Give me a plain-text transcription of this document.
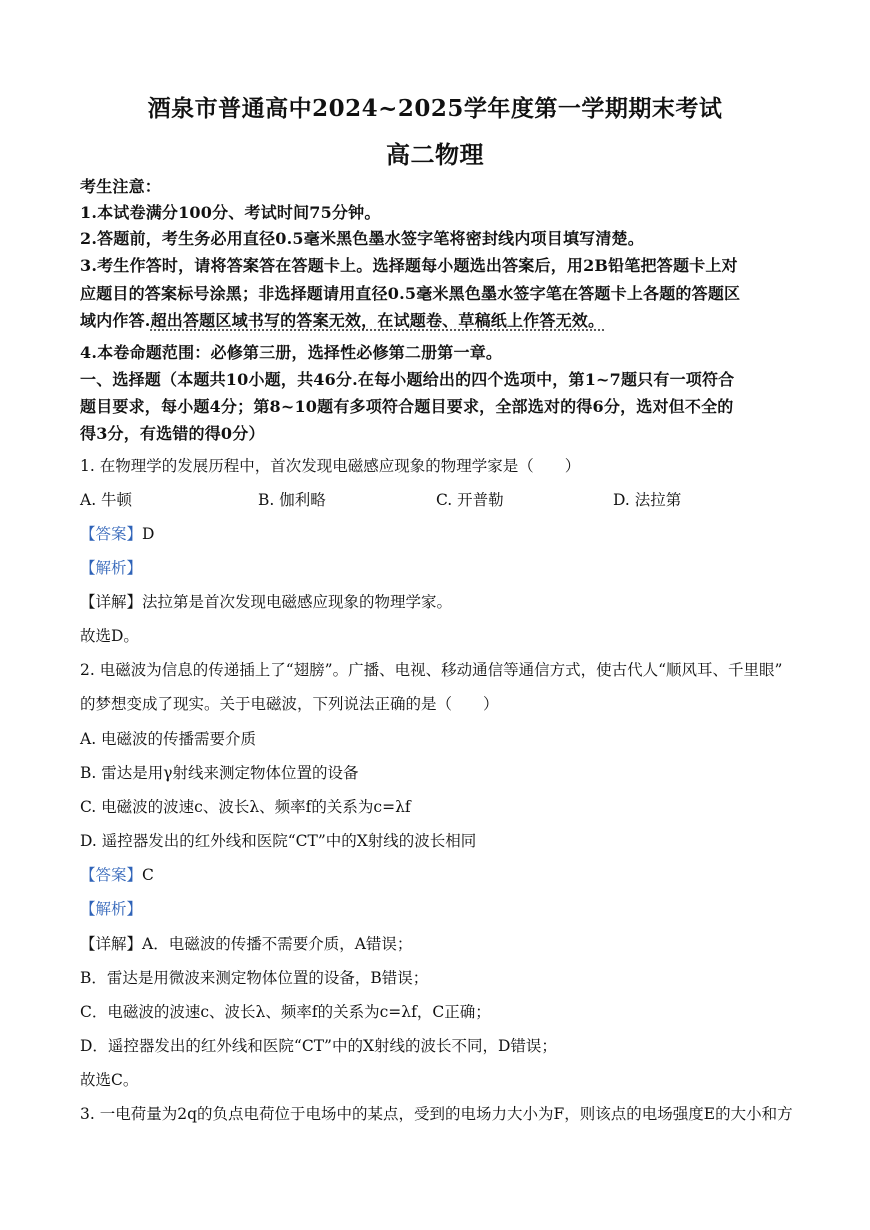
酒泉市普通高中2024~2025学年度第一学期期末考试
高二物理
考生注意：
1.本试卷满分100分、考试时间75分钟。
2.答题前，考生务必用直径0.5毫米黑色墨水签字笔将密封线内项目填写清楚。
3.考生作答时，请将答案答在答题卡上。选择题每小题选出答案后，用2B铅笔把答题卡上对
应题目的答案标号涂黑；非选择题请用直径0.5毫米黑色墨水签字笔在答题卡上各题的答题区
域内作答.超出答题区域书写的答案无效，在试题卷、草稿纸上作答无效。
4.本卷命题范围：必修第三册，选择性必修第二册第一章。
一、选择题（本题共10小题，共46分.在每小题给出的四个选项中，第1~7题只有一项符合
题目要求，每小题4分；第8~10题有多项符合题目要求，全部选对的得6分，选对但不全的
得3分，有选错的得0分）
1. 在物理学的发展历程中，首次发现电磁感应现象的物理学家是（　　）
A. 牛顿	B. 伽利略	C. 开普勒	D. 法拉第
【答案】D
【解析】
【详解】法拉第是首次发现电磁感应现象的物理学家。
故选D。
2. 电磁波为信息的传递插上了“翅膀”。广播、电视、移动通信等通信方式，使古代人“顺风耳、千里眼”
的梦想变成了现实。关于电磁波，下列说法正确的是（　　）
A. 电磁波的传播需要介质
B. 雷达是用γ射线来测定物体位置的设备
C. 电磁波的波速c、波长λ、频率f的关系为c=λf
D. 遥控器发出的红外线和医院“CT”中的X射线的波长相同
【答案】C
【解析】
【详解】A．电磁波的传播不需要介质，A错误；
B．雷达是用微波来测定物体位置的设备，B错误；
C．电磁波的波速c、波长λ、频率f的关系为c=λf，C正确；
D．遥控器发出的红外线和医院“CT”中的X射线的波长不同，D错误；
故选C。
3. 一电荷量为2q的负点电荷位于电场中的某点，受到的电场力大小为F，则该点的电场强度E的大小和方
